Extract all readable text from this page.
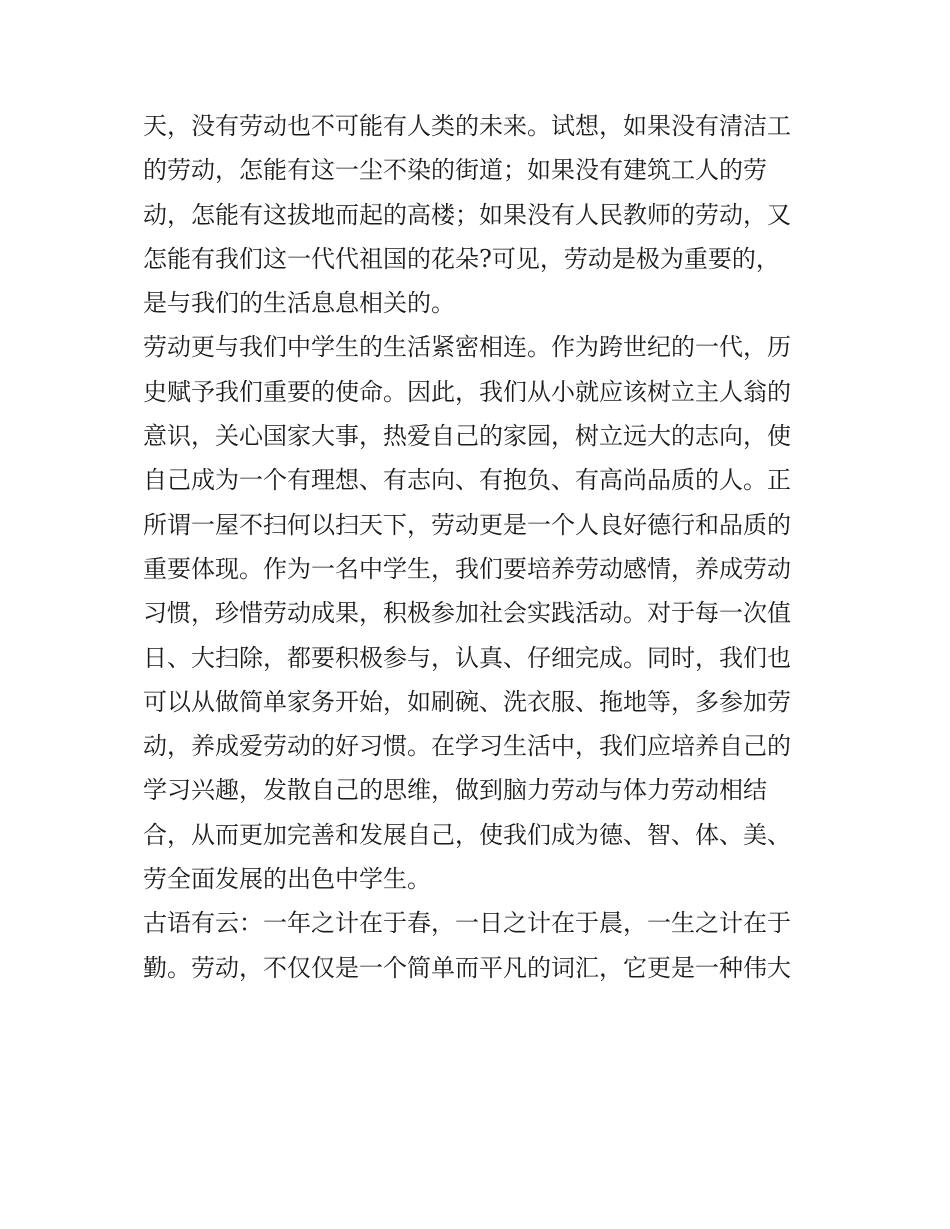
天，没有劳动也不可能有人类的未来。试想，如果没有清洁工
的劳动，怎能有这一尘不染的街道；如果没有建筑工人的劳
动，怎能有这拔地而起的高楼；如果没有人民教师的劳动，又
怎能有我们这一代代祖国的花朵?可见，劳动是极为重要的，
是与我们的生活息息相关的。
劳动更与我们中学生的生活紧密相连。作为跨世纪的一代，历
史赋予我们重要的使命。因此，我们从小就应该树立主人翁的
意识，关心国家大事，热爱自己的家园，树立远大的志向，使
自己成为一个有理想、有志向、有抱负、有高尚品质的人。正
所谓一屋不扫何以扫天下，劳动更是一个人良好德行和品质的
重要体现。作为一名中学生，我们要培养劳动感情，养成劳动
习惯，珍惜劳动成果，积极参加社会实践活动。对于每一次值
日、大扫除，都要积极参与，认真、仔细完成。同时，我们也
可以从做简单家务开始，如刷碗、洗衣服、拖地等，多参加劳
动，养成爱劳动的好习惯。在学习生活中，我们应培养自己的
学习兴趣，发散自己的思维，做到脑力劳动与体力劳动相结
合，从而更加完善和发展自己，使我们成为德、智、体、美、
劳全面发展的出色中学生。
古语有云：一年之计在于春，一日之计在于晨，一生之计在于
勤。劳动，不仅仅是一个简单而平凡的词汇，它更是一种伟大
